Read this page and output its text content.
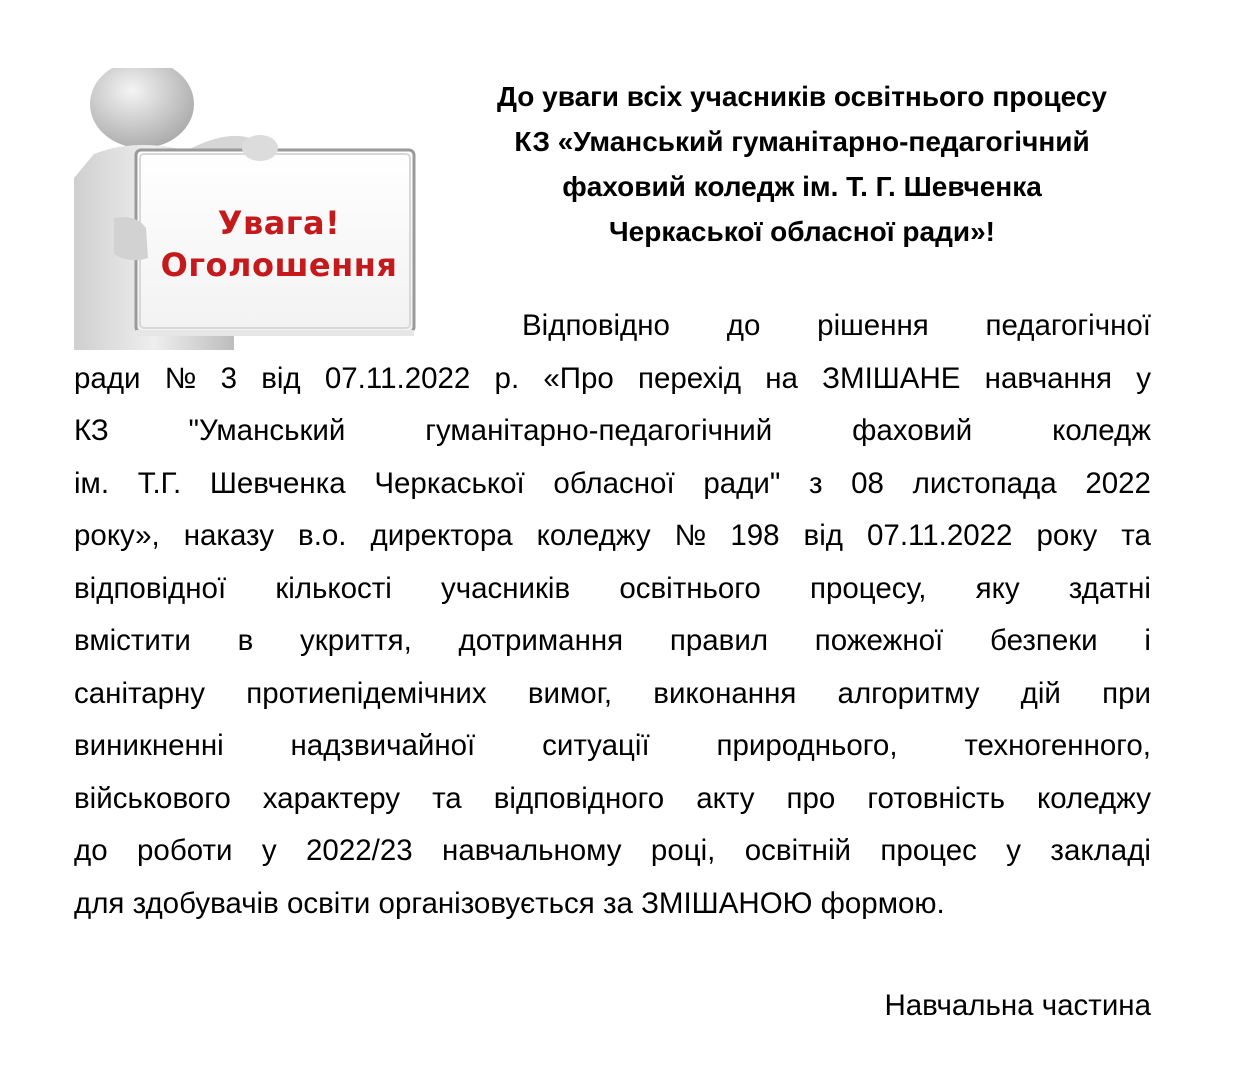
Увага!
Оголошення
До уваги всіх учасників освітнього процесу
КЗ «Уманський гуманітарно-педагогічний
фаховий коледж ім. Т. Г. Шевченка
Черкаської обласної ради»!
Відповідно до рішення педагогічної
ради № 3 від 07.11.2022 р. «Про перехід на ЗМІШАНЕ навчання у
КЗ	"Уманський	гуманітарно-педагогічний	фаховий	коледж
ім. Т.Г. Шевченка Черкаської обласної ради" з 08 листопада 2022
року», наказу в.о. директора коледжу № 198 від 07.11.2022 року та
відповідної кількості учасників освітнього процесу, яку здатні
вмістити в укриття, дотримання правил пожежної безпеки і
санітарну протиепідемічних вимог, виконання алгоритму дій при
виникненні надзвичайної ситуації природнього, техногенного,
військового характеру та відповідного акту про готовність коледжу
до роботи у 2022/23 навчальному році, освітній процес у закладі
для здобувачів освіти організовується за ЗМІШАНОЮ формою.
Навчальна частина
